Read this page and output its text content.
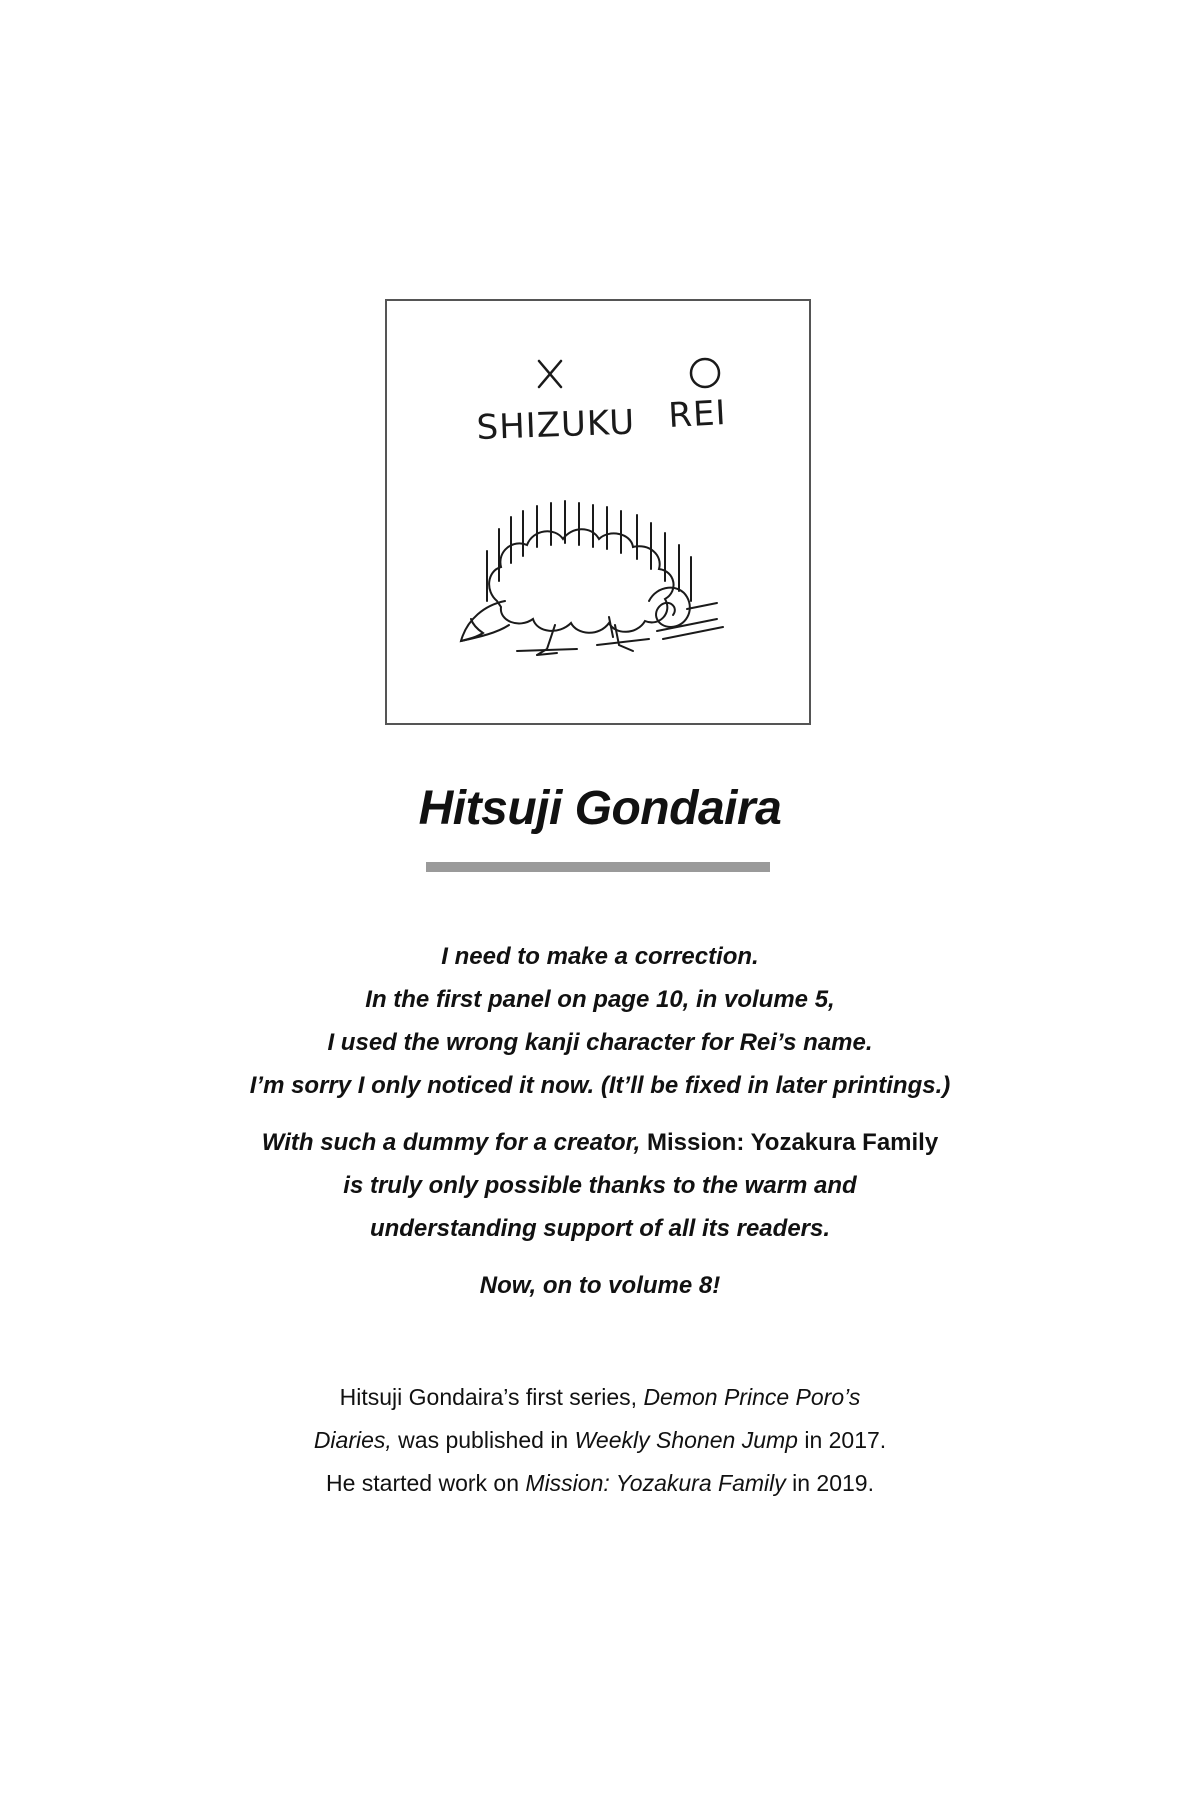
SHIZUKU REI
Hitsuji Gondaira

I need to make a correction.

In the first panel on page 10, in volume 5,

I used the wrong kanji character for Rei’s name.

I’m sorry I only noticed it now. (It’ll be fixed in later printings.)

With such a dummy for a creator, Mission: Yozakura Family

is truly only possible thanks to the warm and

understanding support of all its readers.

Now, on to volume 8!

Hitsuji Gondaira’s first series, Demon Prince Poro’s

Diaries, was published in Weekly Shonen Jump in 2017.

He started work on Mission: Yozakura Family in 2019.
